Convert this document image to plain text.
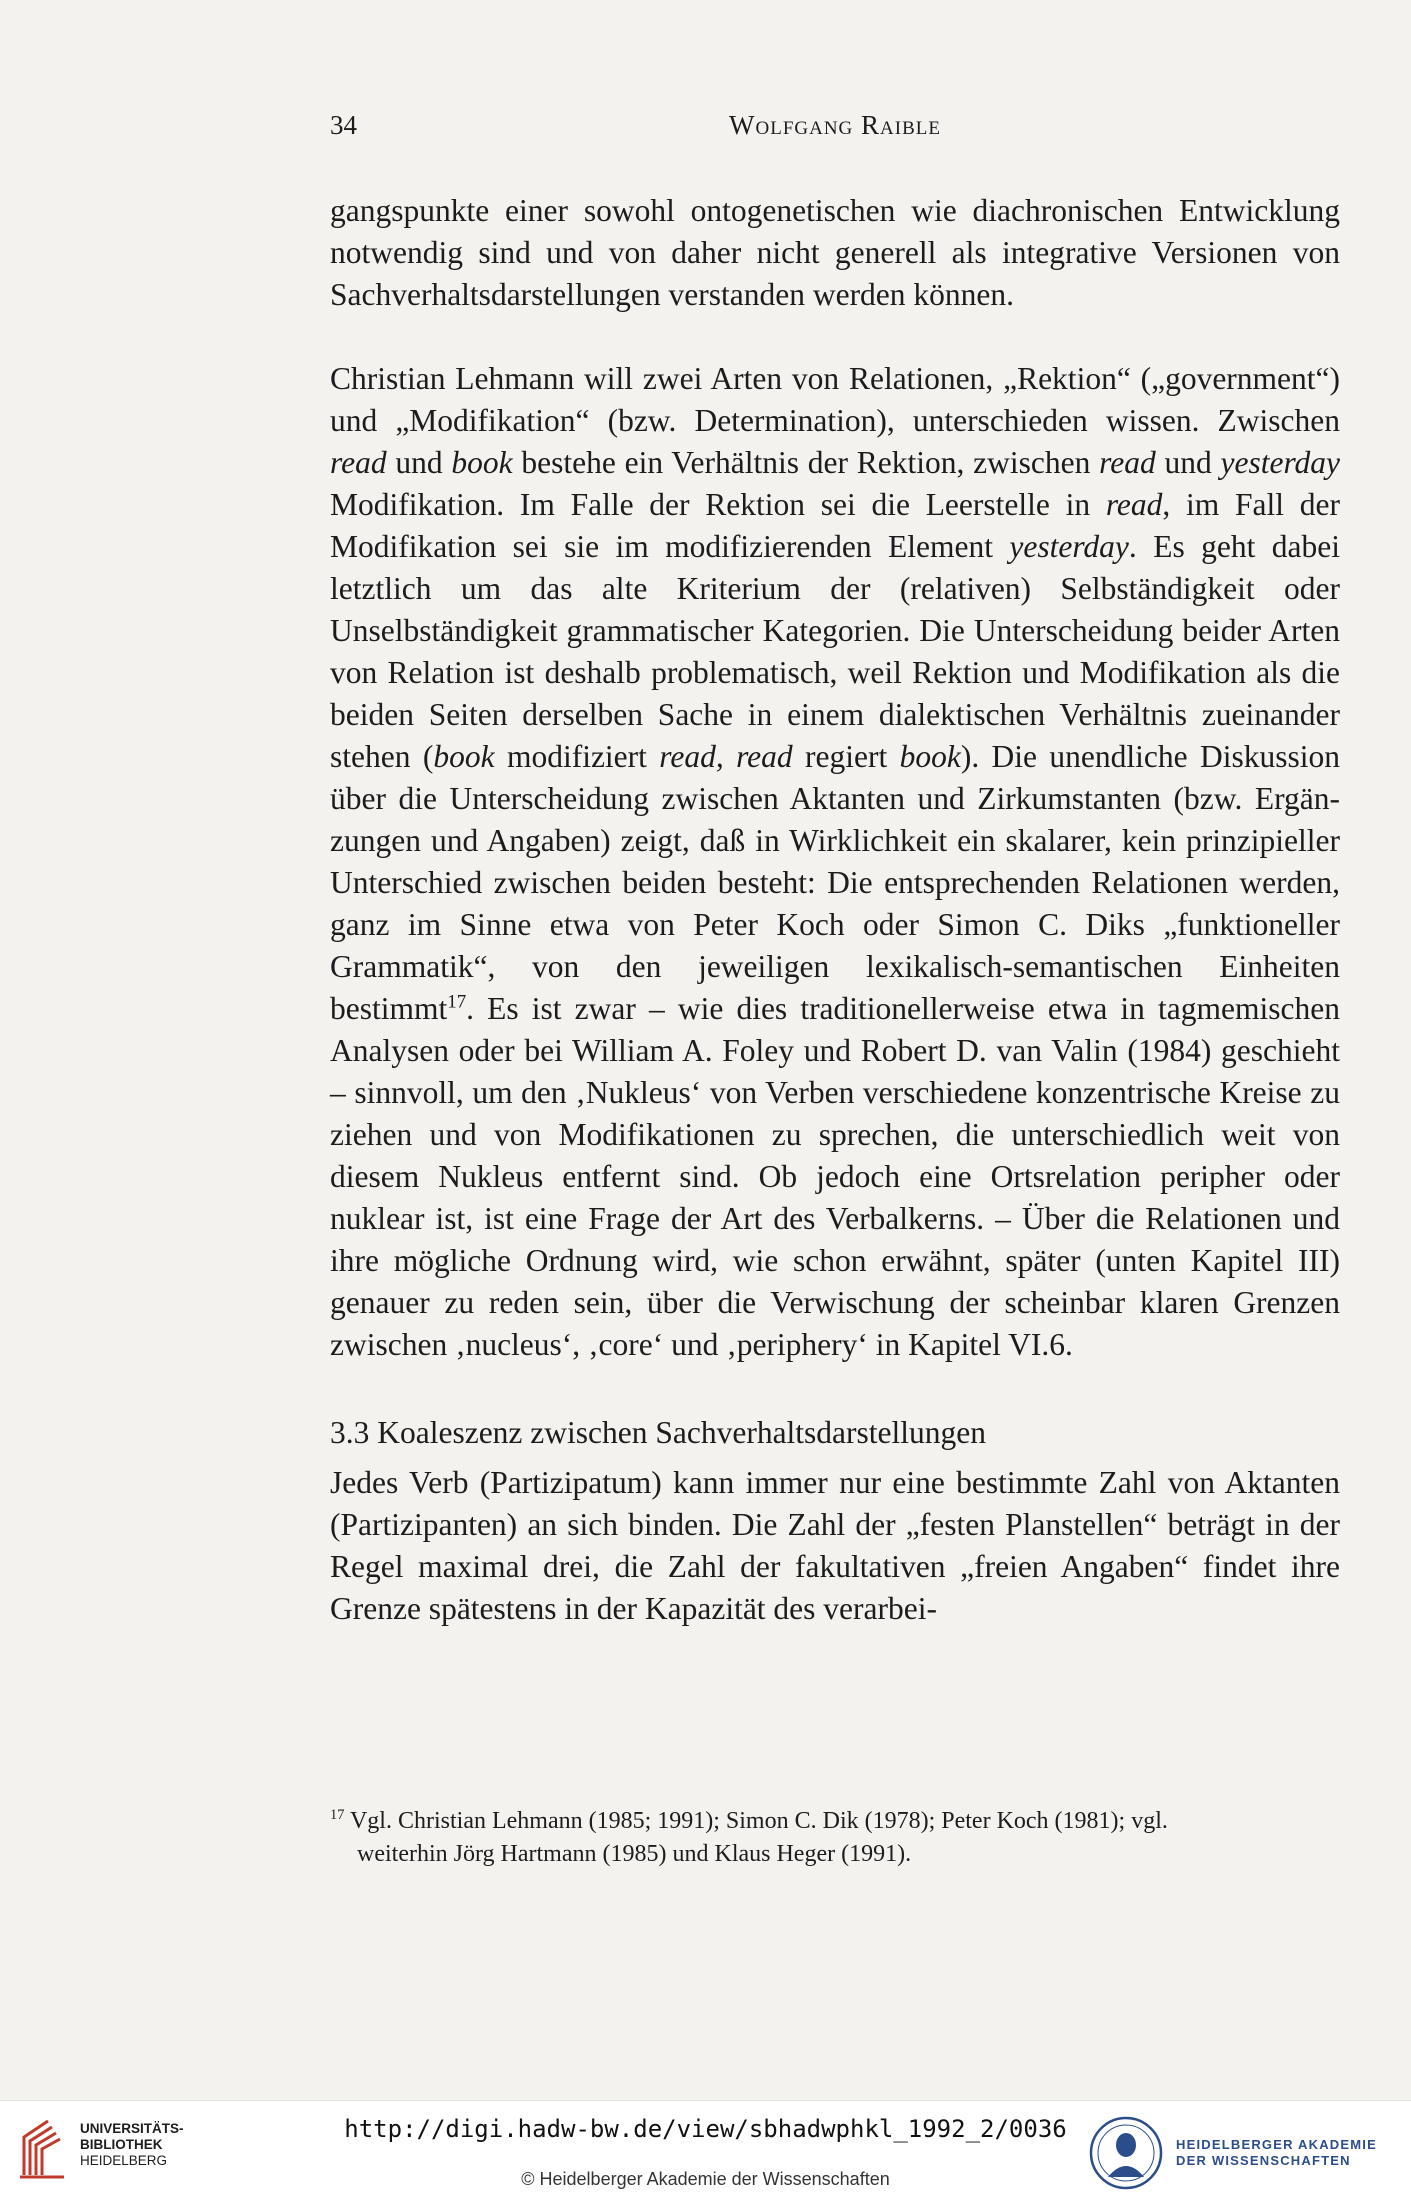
34	Wolfgang Raible

gangspunkte einer sowohl ontogenetischen wie diachronischen Entwicklung notwendig sind und von daher nicht generell als integrative Versionen von Sachverhaltsdarstellungen verstanden werden können.

Christian Lehmann will zwei Arten von Relationen, „Rektion“ („government“) und „Modifikation“ (bzw. Determination), unterschieden wissen. Zwischen read und book bestehe ein Verhältnis der Rektion, zwischen read und yesterday Modifikation. Im Falle der Rektion sei die Leerstelle in read, im Fall der Modifikation sei sie im modifizierenden Element yesterday. Es geht dabei letztlich um das alte Kriterium der (relativen) Selbständigkeit oder Unselbständigkeit grammatischer Kategorien. Die Unterscheidung beider Arten von Relation ist deshalb problematisch, weil Rektion und Modifikation als die beiden Seiten derselben Sache in einem dialektischen Verhältnis zueinander stehen (book modifiziert read, read regiert book). Die unendliche Diskussion über die Unterscheidung zwischen Aktanten und Zirkumstanten (bzw. Ergänzungen und Angaben) zeigt, daß in Wirklichkeit ein skalarer, kein prinzipieller Unterschied zwischen beiden besteht: Die entsprechenden Relationen werden, ganz im Sinne etwa von Peter Koch oder Simon C. Diks „funktioneller Grammatik“, von den jeweiligen lexikalisch-semantischen Einheiten bestimmt$^{17}$. Es ist zwar – wie dies traditionellerweise etwa in tagmemischen Analysen oder bei William A. Foley und Robert D. van Valin (1984) geschieht – sinnvoll, um den ‚Nukleus‘ von Verben verschiedene konzentrische Kreise zu ziehen und von Modifikationen zu sprechen, die unterschiedlich weit von diesem Nukleus entfernt sind. Ob jedoch eine Ortsrelation peripher oder nuklear ist, ist eine Frage der Art des Verbalkerns. – Über die Relationen und ihre mögliche Ordnung wird, wie schon erwähnt, später (unten Kapitel III) genauer zu reden sein, über die Verwischung der scheinbar klaren Grenzen zwischen ‚nucleus‘, ‚core‘ und ‚periphery‘ in Kapitel VI.6.

3.3 Koaleszenz zwischen Sachverhaltsdarstellungen

Jedes Verb (Partizipatum) kann immer nur eine bestimmte Zahl von Aktanten (Partizipanten) an sich binden. Die Zahl der „festen Planstellen“ beträgt in der Regel maximal drei, die Zahl der fakultativen „freien Angaben“ findet ihre Grenze spätestens in der Kapazität des verarbei-

$^{17}$ Vgl. Christian Lehmann (1985; 1991); Simon C. Dik (1978); Peter Koch (1981); vgl.
weiterhin Jörg Hartmann (1985) und Klaus Heger (1991).
UNIVERSITÄTS-
BIBLIOTHEK
HEIDELBERG
http://digi.hadw-bw.de/view/sbhadwphkl_1992_2/0036
© Heidelberger Akademie der Wissenschaften
HEIDELBERGER AKADEMIE
DER WISSENSCHAFTEN
